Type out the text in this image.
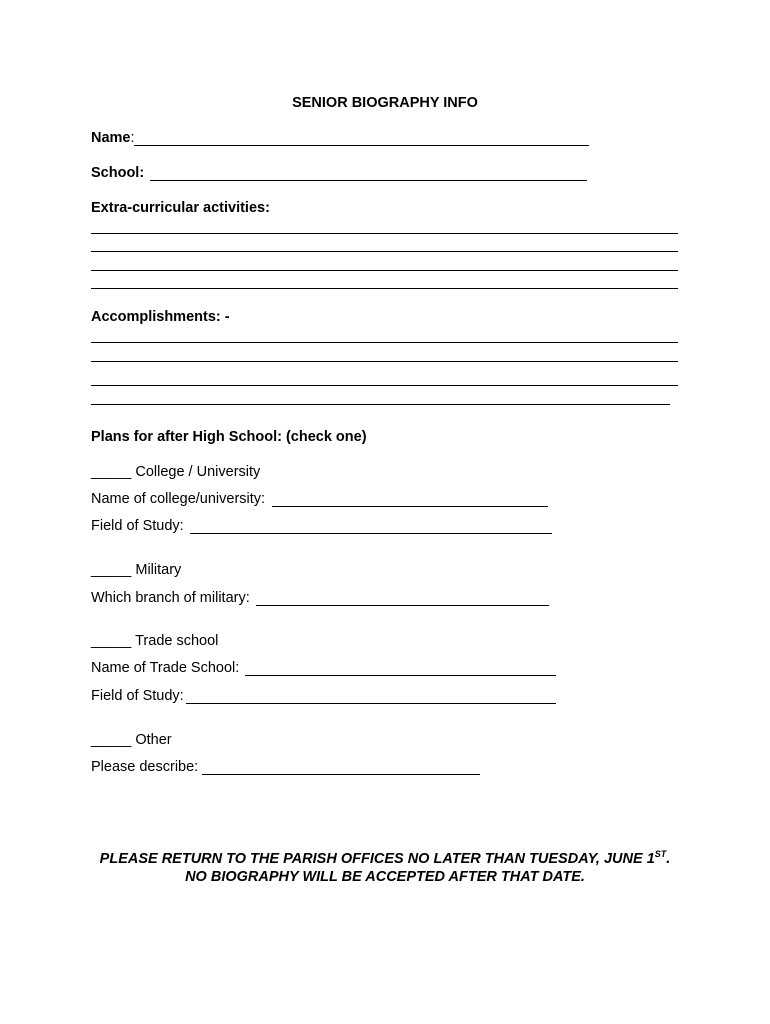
SENIOR BIOGRAPHY INFO
Name:
School:
Extra-curricular activities:
Accomplishments: -
Plans for after High School: (check one)
_____ College / University
Name of college/university:
Field of Study:
_____ Military
Which branch of military:
_____ Trade school
Name of Trade School:
Field of Study:
_____ Other
Please describe:
PLEASE RETURN TO THE PARISH OFFICES NO LATER THAN TUESDAY, JUNE 1ST.
NO BIOGRAPHY WILL BE ACCEPTED AFTER THAT DATE.
